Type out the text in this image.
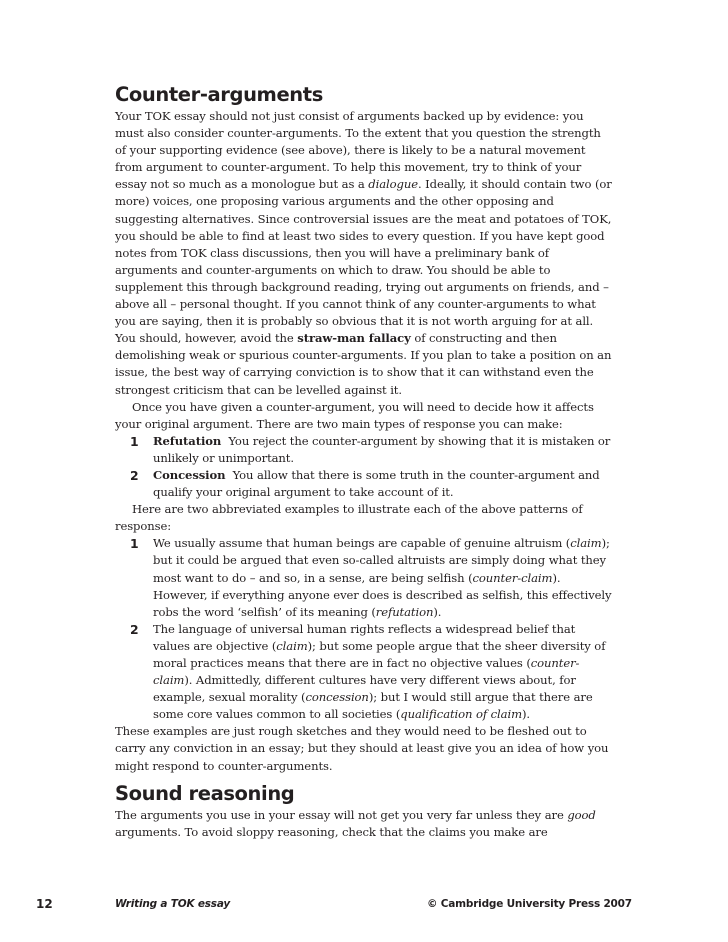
Counter-arguments

Your TOK essay should not just consist of arguments backed up by evidence: you must also consider counter-arguments. To the extent that you question the strength of your supporting evidence (see above), there is likely to be a natural movement from argument to counter-argument. To help this movement, try to think of your essay not so much as a monologue but as a dialogue. Ideally, it should contain two (or more) voices, one proposing various arguments and the other opposing and suggesting alternatives. Since controversial issues are the meat and potatoes of TOK, you should be able to find at least two sides to every question. If you have kept good notes from TOK class discussions, then you will have a preliminary bank of arguments and counter-arguments on which to draw. You should be able to supplement this through background reading, trying out arguments on friends, and – above all – personal thought. If you cannot think of any counter-arguments to what you are saying, then it is probably so obvious that it is not worth arguing for at all. You should, however, avoid the straw-man fallacy of constructing and then demolishing weak or spurious counter-arguments. If you plan to take a position on an issue, the best way of carrying conviction is to show that it can withstand even the strongest criticism that can be levelled against it.

Once you have given a counter-argument, you will need to decide how it affects your original argument. There are two main types of response you can make:

1 Refutation  You reject the counter-argument by showing that it is mistaken or unlikely or unimportant.
2 Concession  You allow that there is some truth in the counter-argument and qualify your original argument to take account of it.

Here are two abbreviated examples to illustrate each of the above patterns of response:

1 We usually assume that human beings are capable of genuine altruism (claim); but it could be argued that even so-called altruists are simply doing what they most want to do – and so, in a sense, are being selfish (counter-claim). However, if everything anyone ever does is described as selfish, this effectively robs the word ‘selfish’ of its meaning (refutation).
2 The language of universal human rights reflects a widespread belief that values are objective (claim); but some people argue that the sheer diversity of moral practices means that there are in fact no objective values (counter-claim). Admittedly, different cultures have very different views about, for example, sexual morality (concession); but I would still argue that there are some core values common to all societies (qualification of claim).

These examples are just rough sketches and they would need to be fleshed out to carry any conviction in an essay; but they should at least give you an idea of how you might respond to counter-arguments.

Sound reasoning

The arguments you use in your essay will not get you very far unless they are good arguments. To avoid sloppy reasoning, check that the claims you make are

12	Writing a TOK essay	© Cambridge University Press 2007
